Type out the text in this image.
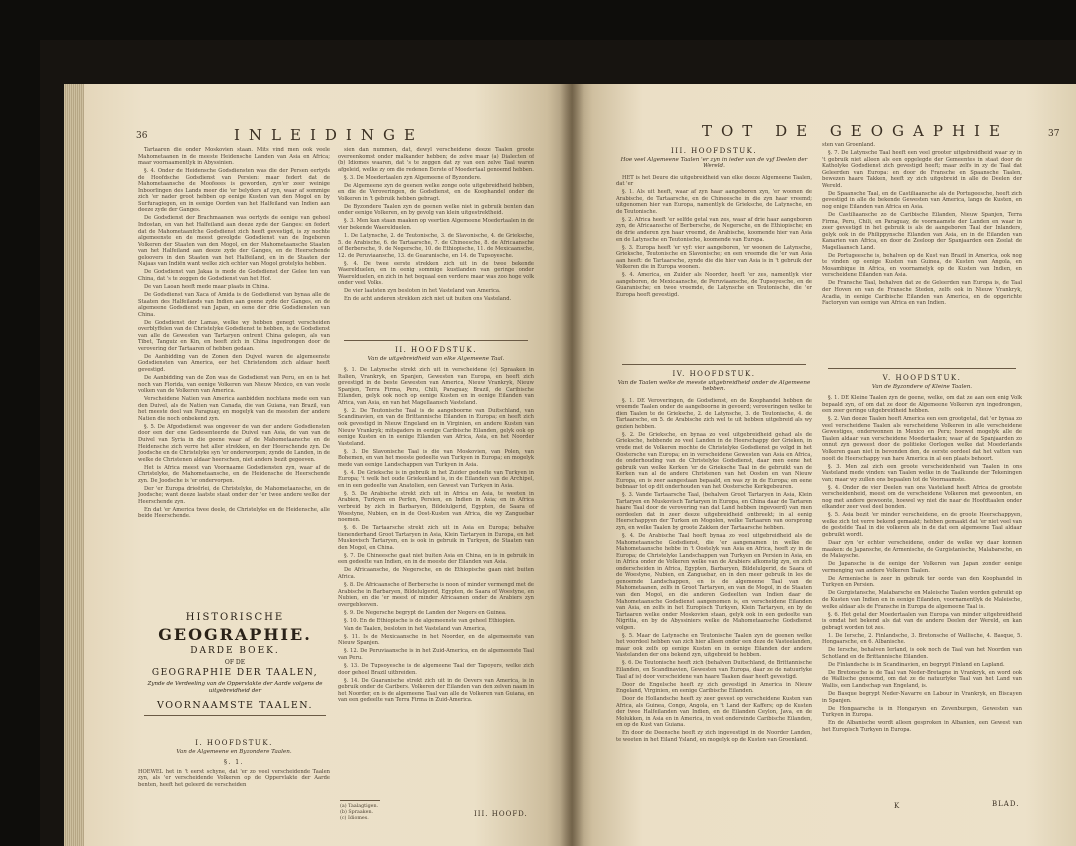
36	INLEIDINGE

Tartaaren die onder Moskovien staan. Mits vind men ook veele Mahometaanen in de meeste Heidensche Landen van Asia en Africa; maar voornaamentlyk in Abyssinien.

§. 4. Onder de Heidensche Godsdiensten was die der Persen eertyds de Hoofdsche Godsdienst van Persien: maar federt dat de Mahometaansche de Moofeees is geworden, zyn'er zeer weinige Inboorlingen des Lands meer die 'er belyders af zyn, waar af sommige zich 'er nader groot hebben op eenige Kusten van den Mogol en by Surfuragiegen, en in eenige Oorden van het Halfeiland van Indien aan deeze zyde der Ganges.

De Godsdienst der Brachmaanen was oertyds de eenige van geheel Indostan, en van het Halfeiland aan deeze zyde der Ganges: en federt dat de Mahometaanfche Godsdienst zich heeft gevestigd, is zy nochte algemeenste en de meest gevolgde Godsdienst van de Ingeboren Volkeren der Staaten van den Mogol, en der Mahometaansche Staaten van het Halfeiland aan deeze zyde der Ganges, en de Heerschende geloovers in den Staaten van het Halfeiland, en in de Staaten der Najaas van Indiën want welke zich echter van Mogol grotelyks hebben.

De Godsdienst van Jakaa is mede de Godsdienst der Gelee ten van China, dat 's te zeggen de Godsdienst van het Hof.

De van Laoan heeft mede maar plaats in China.

De Godsdienst van Xaca of Amida is de Godsdienst van bynaa alle de Staaten des Halfeilands van Indien aan geene zyde der Ganges, en de algemeene Godsdienst van Japan, en eene der drie Godsdiensten van China.

De Godsdienst der Lamas, welke wy hebben genegt verscheiden overblyffelen van de Christelyke Godsdienst te hebben, is de Godsdienst van alle de Gewesten van Tartaryen ontrent China gelegen, als van Tibet, Tanguiz en Kin, en heeft zich in China ingedrongen door de verovering der Tartaaren of hebben gedaan.

De Aanbidding van de Zonen den Dujvel waren de algemeenste Godsdiensten van America, eer het Christendom zich aldaar heeft gevestigd.

De Aanbidding van de Zon was de Godsdienst van Peru, en en is het noch van Florida, van eenige Volkeren van Nieuw Mexico, en van veele volken van de Volkeren van America.

Verscheidene Natien van America aanbidden nochtans mede een van den Duivel, als de Natien van Canada, die van Guiana, van Brazil, van het meeste deel van Paraguay, en mogelyk van de meesten der andere Natien die noch onbekend zyn.

§. 5. De Afgodsdienst was ongeveer de van der andere Godsdiensten door een der ene Gedesenteerde de Duivel van Asia, de van van de Duivel van Syria in die geene waar af de Mahometaansche en de Heidensche zich verre het aller strekken, en der Heerschende zyn. De Joodsche en de Christelyke syn 'er onderworpen; zynde de Landen, in de welke de Christenen aldaar heerschen, niet anders bezit gegeeven.

Het is Africa meest van Voornaame Godsdiensten zyn, waar af de Christelyke, de Mahometaansche, en de Heidensche de Heerschende zyn. De Joodsche is 'er ondervorpen.

Der 'er Europa drieërlei, de Christelyke, de Mahometaansche, en de Joodsche; want deeze laatste staat onder der 'er twee andere welke der Heerschende zyn.

En dat 'er America twee deele, de Christelyke en de Heidensche, alle beide Heerschende.

HISTORISCHE
GEOGRAPHIE.
DARDE BOEK.
OF DE
GEOGRAPHIE DER TAALEN,
Zynde de Verdeeling van de Oppervlakte der Aarde volgens de uitgebreidheid der
VOORNAAMSTE TAALEN.
I. HOOFDSTUK.
Van de Algemeene en Byzondere Taalen.
§. 1.

HOEWEL het in 't eerst schyne, dat 'er zo veel verscheidende Taalen zyn, als 'er verscheidende Volkeren op de Oppervlakte der Aarde benten, heeft het geleerd de verscheiden

sien dan nummen, dat, dewyl verscheidene deeze Taalen groote overeenkomst onder malkander hebben; de zelve maar (a) Dialecten of (b) Idiomes waaren, dat 's te zeggen dat zy van een zelve Taal waren afgeleid, welke zy om die redenen Eerste of Moedertaal genoemd hebben.

§. 3. De Moedertaalen zyn Algemeene of Byzondere.

De Algemeene zyn de geenen welke zonge oote uitgebreidheid hebben, en die de Veroveringen, de Godsdienst, en de Koophandel onder de Volkeren in 't gebruik hebben gebragt.

De Byzondere Taalen zyn de geenen welke niet in gebruik benten dan onder eenige Volkeren, en by gevolg van klein uitgestrektheid.

§. 3. Men kan staan maaken op veertien Algemeene Moedertaalen in de vier bekende Waerelduelen.

1. De Latynsche, 2. de Teutonische, 3. de Slavonische, 4. de Grieksche, 5. de Arabische, 6. de Tartaarsche, 7. de Chineesche, 8. de Africaansche of Berbersche, 9. de Negersche, 10. de Ethiopische, 11. de Mexicaansche, 12. de Peruviaansche, 13. de Guaranische, en 14. de Tupsoyesche.

§. 4. De twee eerste strekken zich uit in de twee bekende Waerelduelen, en in eenig sommige kustlanden van geringe onder Waerelduelen, en zich in het bequaal een verdere maar was zoo hoge volk onder veel Volks.

De vier laatsten zyn besloten in het Vasteland van America.

En de acht anderen strekken zich niet uit buiten ons Vasteland.

II. HOOFDSTUK.
Van de uitgebreidheid van elke Algemeene Taal.

§. 1. De Latynsche strekt zich uit in verscheidene (c) Spraaken in Italien, Vrankryk, en Spanjen, Gewesten van Europa, en heeft zich gevestigd in de beste Gewesten van America, Nieuw Vrankryk, Nieuw Spanjen, Terra Firma, Peru, Chili, Paraguay, Brazil, de Caribische Eilanden, gelyk ook noch op eenige Kusten en in eenige Eilanden van Africa, van Asia, en van het Magellaansch Vasteland.

§. 2. De Teutonische Taal is de aangeboorne van Duitschland, van Scandinavien, en van de Brittannische Eilanden in Europa; en heeft zich ook gevestigd in Nieuw Engeland en in Virginien, en andere Kusten van Nieuw Vrankryk; mitsgaders in eenige Caribische Eilanden, gelyk ook op eenige Kusten en in eenige Eilanden van Africa, Asia, en het Noorder Vasteland.

§. 3. De Slavonische Taal is die van Moskovien, van Polen, van Bohemen, en van het meeste gedeelte van Turkyen in Europa; en mogelyk mede van eenige Landschappen van Turkyen in Asia.

§. 4. De Grieksche is in gebruik in het Zuider gedeelte van Turkyen in Europa; 't welk het oude Griekenland is, in de Eilanden van de Archipel, en in een gedeelte van Anatolien, een Gewest van Turkyen in Asia.

§. 5. De Arabische strekt zich uit in Africa en Asia, te weeten in Arabien, Turkyen en Perfen, Persien, en Indien in Asia; en in Africa verbreid by zich in Barbaryen, Bildelulgerid, Egypten, de Saara of Woestyne, Nubien, en in de Oost-Kusten van Africa, die wy Zanguebar noemen.

§. 6. De Tartaarsche strekt zich uit in Asia en Europa; behalve tienenderhand Groot Tartaryen in Asia, Klein Tartaryen in Europa, en het Muskovisch Tartaryen, en is ook in gebruik in Turkyen, de Staaten van den Mogol, en China.

§. 7. De Chineesche gaat niet buiten Asia en China, en is in gebruik in een gedeelte van Indien, en in de meeste der Eilanden van Asia.

De Africaansche, de Negersche, en de Ethiopische gaan niet buiten Africa.

§. 8. De Africaansche of Berbersche is noon of minder vermengd met de Arabische in Barbaryen, Bildelulgerid, Egypten, de Saara of Woestyne, en Nubien, en die 'er meest of minder Africaanen onder de Arabiers zyn overgebleeven.

§. 9. De Negersche begrypt de Landen der Negers en Guinea.

§. 10. En de Ethiopische is de algemeenste van geheel Ethiopien.

Van de Taalen, besloten in het Vasteland van America,

§. 11. Is de Mexicaansche in het Noorder, en de algemeenste van Nieuw Spanjen.

§. 12. De Peruviaansche is in het Zuid-America, en de algemeenste Taal van Peru.

§. 13. De Tupsoyesche is de algemeene Taal der Tapoyers, welke zich door geheel Brazil uitbreiden.

§. 14. De Guaranische strekt zich uit in de Oevers van America, is in gebruik onder de Caribers. Volkeren der Eilanden van den zelven naam in het Noorder, en is de algemeene Taal van alle de Volkeren van Guiana, en van een gedeelte van Terra Firma in Zuid-America.

(a) Taalagtigen.
(b) Spraaken.
(c) Idiomes.
III. HOOFD.
TOT DE GEOGAPHIE	37
III. HOOFDSTUK.
Hoe veel Algemeene Taalen 'er zyn in ieder van de vyf Deelen der Wereld.

HET is het Deure die uitgebreidheid van elke deeze Algemeene Taalen, dat 'er

§. 1. Als uit heeft, waar af zyn haar aangeboren zyn, 'er woonen de Arabische, de Tartaarsche, en de Chineesche in die zyn haar vreemd; uitgenomen hier van Europa, namentlyk de Grieksche, de Latynsche, en de Teutonische.

§. 2. Africa heeft 'er selfde getal van zes, waar af drie haar aangeboren zyn, de Africaansche of Berbersche, de Negersche, en de Ethiopische; en de drie anderen zyn haar vreemd, de Arabische, koomende hier van Asia en de Latynsche en Teutonische, koomende van Europa.

§. 3. Europa heeft 'er vyf: vier aangeboren, 'er woonen de Latynsche, Grieksche, Teutonische en Slavonische; en een vreemde die 'er van Asia aan heeft: de Tartaarsche, zynde die die hier van Asia is in 't gebruik der Volkeren die in Europa woonen.

§. 4. America, en Zuider als Noorder, heeft 'er zes, namentlyk vier aangeboren, de Mexicaansche, de Peruviaansche, de Tupsoyesche, en de Guaranische; en twee vreemde, de Latynsche en Teutonische, die 'er Europa heeft gevestigd.

IV. HOOFDSTUK.
Van de Taalen welke de meeste uitgebreidheid onder de Algemeene hebben.

§. 1. DE Veroveringen, de Godsdienst, en de Koophandel hebben de vreemde Taalen onder de aangeboorne in gevoerd; veroveringen welke te dien Taalen te de Grieksche, 2. de Latynsche, 3. de Teutonische, 4. de Tartaarsche, en 5. de Arabische zich wel te uit hebben uitgebreid als wy gezien hebben.

§. 2. De Grieksche, en bynaa zo veel uitgebreidheid gehad als de Grieksche, hebbende zo veel Landen in de Heerschappy der Grieken, in vrede met de Volkeren mochte de Christelyke Godsdienst ge volgd in het Oostersche van Europa; en in verscheidene Gewesten van Asia en Africa, de onderhouding van de Christelyke Godsdienst, daar men eene het gebruik van welke Kerken 'er de Grieksche Taal in de gebruikt van de Kerken van al de andere Christenen van het Oosten en van Nieuw Europa, en is zeer aangestaan bepaald, en was zy in de Europa; en eene bebnaar tot op dit onderhouden van het Oostersche Kerkgebeuren.

§. 3. Vande Tartaarsche Taal, (behalven Groot Tartaryen in Asia, Klein Tartaryen en Muskovisch Tartaryen in Europa, en China daar de Tartaren haare Taal door de verovering van dat Land hebben ingevoerd) van men oordeelen dat in zeer deeze uitgebreidheid ontbreekt; in al eenig Heerschappyen der Turken en Mogolen, welke Tartaaren van oorsprong zyn, en welke Taalen by groote Zakken der Tartaarsche hebben.

§. 4. De Arabische Taal heeft bynaa zo veel uitgebreidheid als de Mahometaansche Godsdienst, die 'er aangenamen in welke de Mahometaansche hebbe in 't Oostelyk van Asia en Africa, heeft zy in de Europa; de Christelyke Landschappen van Turkyen en Persien in Asia, en in Africa onder de Volkeren welke van de Arabiers afkomstig zyn, en zich onderscheiden in Africa, Egypten, Barbaryen, Bildelulgerid, de Saara of de Woestyne, Nubien, en Zanguebar, en in den meer gebruik in les de genoemde Landschappen, en is de algemeene Taal van de Mahometaanen, zelfs in Groot Tartaryen, en van de Mogol, in de Staaten van den Mogol, en die anderen Gedeelten van Indien daar de Mahometaansche Godsdienst aangenomen is, en verscheidene Eilanden van Asia, en zelfs in het Europisch Turkyen, Klein Tartaryen, en by de Tartaaren welke onder Moskovien staan, gelyk ook in een gedeelte van Nigritia, en by de Abyssiniers welke de Mahometaansche Godsdienst volgen.

§. 5. Maar de Latynsche en Teutonische Taalen zyn de geenen welke het voordeel hebben van zich hier alleen onder een deze de Vasteelanden, maar ook zelfs op eenige Kusten en in eenige Eilanden der andere Vastelanden der ons bekend zyn, uitgebreid te hebben.

§. 6. De Teutonische heeft zich (behalven Duitschland, de Brittannische Eilanden, en Scandinavien, Gewesten van Europa, daar ze de natuurlyke Taal af is) door verscheidene van haare Taaken daar heeft gevestigd.

Door de Engelsche heeft zy zich gevestigd in America in Nieuw Engeland, Virginien, en eenige Caribische Eilanden.

Door de Hollandsche heeft zy zeer gevest op verscheidene Kusten van Africa, als Guinea, Congo, Angola, en 't Land der Kaffers; op de Kusten der twee Halfeilanden van Indien, en de Eilanden Ceylon, Java, en de Molukken, in Asia en in America, in vest ondereinde Caribische Eilanden, en op de Kust van Guiana.

En door de Deensche heeft zy zich ingevestigd in de Noorder Landen, te weeten in het Eiland Ysland, en mogelyk op de Kusten van Groenland.

sten van Groenland.

§. 7. De Latynsche Taal heeft een veel grooter uitgebreidheid waar zy in 't gebruik niet alleen als een opgelegde der Gemeentes in staat door de Katholyke Godsdienst zich gevestigd heeft; maar zelfs in zy de Taal dat Geleerden van Europa: en door de Fransche en Spaansche Taalen, bewezen haare Takken, heeft zy zich uitgebreid in alle de Deelen der Wereld.

De Spaansche Taal, en de Castiliaansche als de Portugeesche, heeft zich gevestigd in alle de bekende Gewesten van America, langs de Kusten, en nog enige Eilanden van Africa en Asia.

De Castiliaansche zo de Caribische Eilanden, Nieuw Spanjen, Terra Firma, Peru, Chili, en Paraguay, de voornaamste der Landen en waar in zeer gevestigd in het gebruik is als de aangeboren Taal der Inlanders, gelyk ook in de Philippynsche Eilanden van Asia, en in de Eilanden van Kanarien van Africa, en door de Zeeloop der Spanjaarden een Zeelat de Magellaansch Land.

De Portugeesche is, behalven op de Kust van Brazil in America, ook nog te vinden op eenige Kusten van Guinea, de Kusten van Angola, en Mosambique in Africa, en voornamelyk op de Kusten van Indien, en verscheidene Eilanden van Asia.

De Fransche Taal, behalven dat ze de Geleerden van Europa is, de Taal der Hoven en van de Fransche Steden, zelfs ook in Nieuw Vrankryk, Acadia, in eenige Caribische Eilanden van America, en de opgerichte Factoryen van eenige van Africa en van Indien.

V. HOOFDSTUK.
Van de Byzondere of Kleine Taalen.

§. 1. DE Kleine Taalen zyn de geene, welke, om dat ze aan een enig Volk bepaald zyn, of om dat ze door de Algemeene Volkeren zyn ingedrongen, een zeer geringe uitgebreidheid hebben.

§. 2. Van deeze Taalen heeft America een een grootgetal, dat 'er bynaa zo veel verscheidene Taalen als verscheidene Volkeren in alle verscheidene Gewestiges, onderwonnen in Mexico en Peru; hoewel mogelyk alle de Taalen aldaar van verscheidene Moedertaalen; waar af de Spanjaarden zo onnut zyn geweest door de politieke Oorlogen welke dat Moederlands Volkeren gaan niet in bevonden den, de eerste oordeel dat het vatten van nooit de Heerschappy van hare America in al een plaats behoort.

§. 3. Men zal zich een groote verscheidenheid van Taalen in ons Vasteland mede vinden: van Taalen welke in de Taalkunde der Tekeningen van; maar wy zullen ons bepaalen tot de Voornaamste.

§. 4. Onder de vier Deelen van ons Vasteland heeft Africa de grootste verscheidenheid, meest om de verscheidene Volkeren met gewoonten, en nog met andere gewoonte, hoewel wy niet die naar de Hoofdtaalen onder elkander zeer veel deel bonden.

§. 5. Asia bezit 'er minder verscheidene, en de groote Heerschappyen, welke zich tot verre bekend gemaakt; hebben gemaakt dat 'er niet veel van de gestelde Taal in die volkeren als in de dat een algemeene Taal aldaar gebruikt wordt.

Daar zyn 'er echter verscheidene, onder de welke wy daar konnen maaken: de Japansche, de Armenische, de Gurgistanische, Malabarsche, en de Malaysche.

De Japansche is de eenige der Volkeren van Japan zonder eenige vermenging van andere Volkeren Taalen.

De Armenische is zeer in gebruik ter oorde van den Koophandel in Turkyen en Persien.

De Gurgistansche, Malabarsche en Maleische Taalen worden gebruikt op de Kusten van Indien en in eenige Eilanden, voornamentlyk de Maleische, welke aldaar als de Fransche in Europa de algemeene Taal is.

§. 6. Het getal der Moedertaalen van Europa van minder uitgebreidheid is omdat het bekend als dat van de andere Deelen der Wereld, en kan gebragt worden tot zes.

1. De Iersche, 2. Finlandsche, 3. Bretonsche of Wallische, 4. Basque, 5. Hongaarsche, en 6. Albanische.

De Iersche, behalven Ierland, is ook noch de Taal van het Noorden van Schotland en de Brittannische Eilanden.

De Finlandsche is in Scandinavien, en begrypt Finland en Lapland.

De Bretonsche is de Taal van Neder-Bretagne in Vrankryk, en word ook de Wallische genoemd, om dat ze de natuurlyke Taal van het Land van Wallis, een Landschap van Engeland, is.

De Basque begrypt Neder-Navarre en Labour in Vrankryk, en Biscayen in Spanjen.

De Hongaarsche is in Hongaryen en Zevenburgen, Gewesten van Turkyen in Europa.

En de Albanische wordt alleen gesproken in Albanien, een Gewest van het Europisch Turkyen in Europa.

K	BLAD.
